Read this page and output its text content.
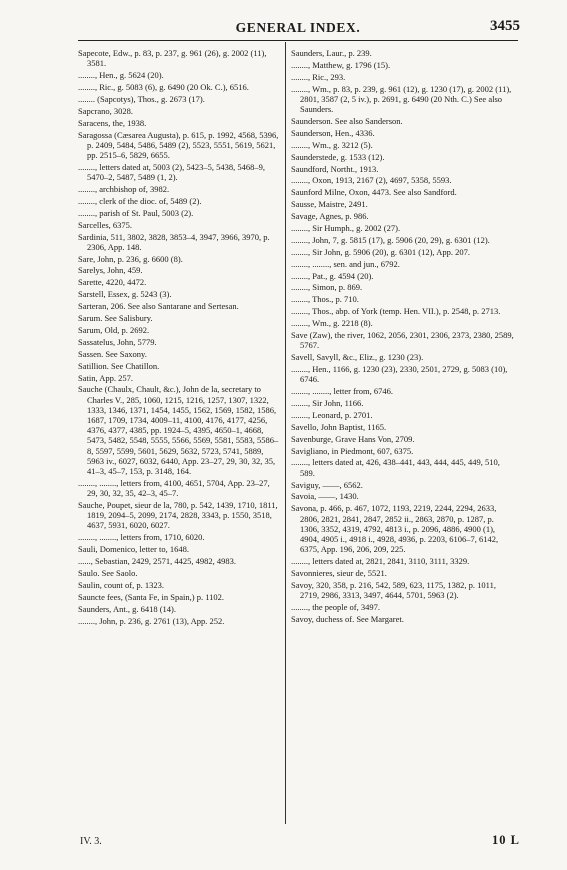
GENERAL INDEX.	3455
Sapecote, Edw., p. 83, p. 237, g. 961 (26), g. 2002 (11), 3581.
........, Hen., g. 5624 (20).
........, Ric., g. 5083 (6), g. 6490 (20 Ok. C.), 6516.
........ (Sapcotys), Thos., g. 2673 (17).
Sapcrano, 3028.
Saracens, the, 1938.
Saragossa (Cæsarea Augusta), p. 615, p. 1992, 4568, 5396, p. 2409, 5484, 5486, 5489 (2), 5523, 5551, 5619, 5621, pp. 2515–6, 5829, 6655.
........, letters dated at, 5003 (2), 5423–5, 5438, 5468–9, 5470–2, 5487, 5489 (1, 2).
........, archbishop of, 3982.
........, clerk of the dioc. of, 5489 (2).
........, parish of St. Paul, 5003 (2).
Sarcelles, 6375.
Sardinia, 511, 3802, 3828, 3853–4, 3947, 3966, 3970, p. 2306, App. 148.
Sare, John, p. 236, g. 6600 (8).
Sarelys, John, 459.
Sarette, 4220, 4472.
Sarstell, Essex, g. 5243 (3).
Sarteran, 206. See also Santarane and Sertesan.
Sarum. See Salisbury.
Sarum, Old, p. 2692.
Sassatelus, John, 5779.
Sassen. See Saxony.
Satillion. See Chatillon.
Satin, App. 257.
Sauche (Chaulx, Chault, &c.), John de la, secretary to Charles V., 285, 1060, 1215, 1216, 1257, 1307, 1322, 1333, 1346, 1371, 1454, 1455, 1562, 1569, 1582, 1586, 1687, 1709, 1734, 4009–11, 4100, 4176, 4177, 4256, 4376, 4377, 4385, pp. 1924–5, 4395, 4650–1, 4668, 5473, 5482, 5548, 5555, 5566, 5569, 5581, 5583, 5586–8, 5597, 5599, 5601, 5629, 5632, 5723, 5741, 5889, 5963 iv., 6027, 6032, 6440, App. 23–27, 29, 30, 32, 35, 41–3, 45–7, 153, p. 3148, 164.
........, ........, letters from, 4100, 4651, 5704, App. 23–27, 29, 30, 32, 35, 42–3, 45–7.
Sauche, Poupet, sieur de la, 780, p. 542, 1439, 1710, 1811, 1819, 2094–5, 2099, 2174, 2828, 3343, p. 1550, 3518, 4637, 5931, 6020, 6027.
........, ........, letters from, 1710, 6020.
Sauli, Domenico, letter to, 1648.
......, Sebastian, 2429, 2571, 4425, 4982, 4983.
Saulo. See Saolo.
Saulin, count of, p. 1323.
Sauncte fees, (Santa Fe, in Spain,) p. 1102.
Saunders, Ant., g. 6418 (14).
........, John, p. 236, g. 2761 (13), App. 252.
Saunders, Laur., p. 239.
........, Matthew, g. 1796 (15).
........, Ric., 293.
........, Wm., p. 83, p. 239, g. 961 (12), g. 1230 (17), g. 2002 (11), 2801, 3587 (2, 5 iv.), p. 2691, g. 6490 (20 Nth. C.) See also Saunders.
Saunderson. See also Sanderson.
Saunderson, Hen., 4336.
........, Wm., g. 3212 (5).
Saunderstede, g. 1533 (12).
Saundford, Northt., 1913.
........, Oxon, 1913, 2167 (2), 4697, 5358, 5593.
Saunford Milne, Oxon, 4473. See also Sandford.
Sausse, Maistre, 2491.
Savage, Agnes, p. 986.
........, Sir Humph., g. 2002 (27).
........, John, 7, g. 5815 (17), g. 5906 (20, 29), g. 6301 (12).
........, Sir John, g. 5906 (20), g. 6301 (12), App. 207.
........, ........, sen. and jun., 6792.
........, Pat., g. 4594 (20).
........, Simon, p. 869.
........, Thos., p. 710.
........, Thos., abp. of York (temp. Hen. VII.), p. 2548, p. 2713.
........, Wm., g. 2218 (8).
Save (Zaw), the river, 1062, 2056, 2301, 2306, 2373, 2380, 2589, 5767.
Savell, Savyll, &c., Eliz., g. 1230 (23).
........, Hen., 1166, g. 1230 (23), 2330, 2501, 2729, g. 5083 (10), 6746.
........, ........, letter from, 6746.
........, Sir John, 1166.
........, Leonard, p. 2701.
Savello, John Baptist, 1165.
Savenburge, Grave Hans Von, 2709.
Savigliano, in Piedmont, 607, 6375.
........, letters dated at, 426, 438–441, 443, 444, 445, 449, 510, 589.
Saviguy, ——, 6562.
Savoia, ——, 1430.
Savona, p. 466, p. 467, 1072, 1193, 2219, 2244, 2294, 2633, 2806, 2821, 2841, 2847, 2852 ii., 2863, 2870, p. 1287, p. 1306, 3352, 4319, 4792, 4813 i., p. 2096, 4886, 4900 (1), 4904, 4905 i., 4918 i., 4928, 4936, p. 2203, 6106–7, 6142, 6375, App. 196, 206, 209, 225.
........, letters dated at, 2821, 2841, 3110, 3111, 3329.
Savonnieres, sieur de, 5521.
Savoy, 320, 358, p. 216, 542, 589, 623, 1175, 1382, p. 1011, 2719, 2986, 3313, 3497, 4644, 5701, 5963 (2).
........, the people of, 3497.
Savoy, duchess of. See Margaret.
IV. 3.	10 L
